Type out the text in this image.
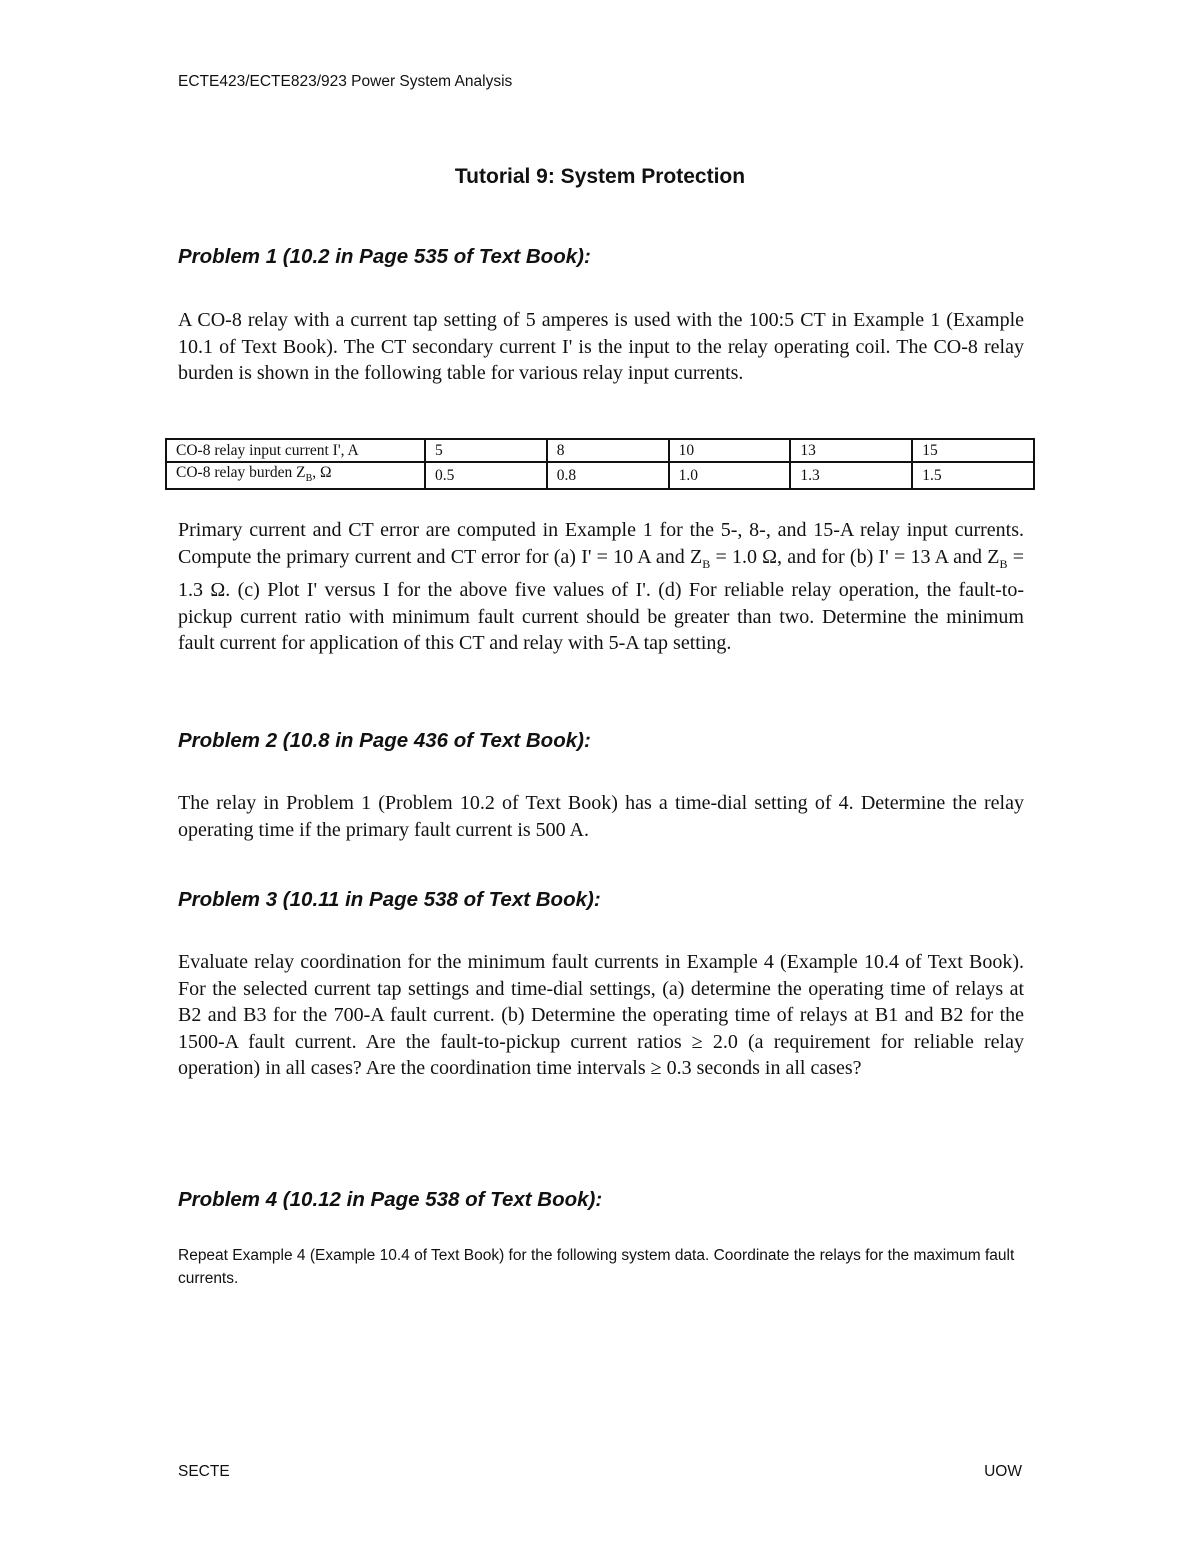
ECTE423/ECTE823/923 Power System Analysis
Tutorial 9: System Protection
Problem 1 (10.2 in Page 535 of Text Book):

A CO-8 relay with a current tap setting of 5 amperes is used with the 100:5 CT in Example 1 (Example 10.1 of Text Book). The CT secondary current I' is the input to the relay operating coil. The CO-8 relay burden is shown in the following table for various relay input currents.

CO-8 relay input current I', A	5	8	10	13	15
CO-8 relay burden $Z_B$, Ω	0.5	0.8	1.0	1.3	1.5

Primary current and CT error are computed in Example 1 for the 5-, 8-, and 15-A relay input currents. Compute the primary current and CT error for (a) I' = 10 A and $Z_B = 1.0$ Ω, and for (b) I' = 13 A and $Z_B = 1.3$ Ω. (c) Plot I' versus I for the above five values of I'. (d) For reliable relay operation, the fault-to-pickup current ratio with minimum fault current should be greater than two. Determine the minimum fault current for application of this CT and relay with 5-A tap setting.

Problem 2 (10.8 in Page 436 of Text Book):

The relay in Problem 1 (Problem 10.2 of Text Book) has a time-dial setting of 4. Determine the relay operating time if the primary fault current is 500 A.

Problem 3 (10.11 in Page 538 of Text Book):

Evaluate relay coordination for the minimum fault currents in Example 4 (Example 10.4 of Text Book). For the selected current tap settings and time-dial settings, (a) determine the operating time of relays at B2 and B3 for the 700-A fault current. (b) Determine the operating time of relays at B1 and B2 for the 1500-A fault current. Are the fault-to-pickup current ratios ≥ 2.0 (a requirement for reliable relay operation) in all cases? Are the coordination time intervals ≥ 0.3 seconds in all cases?

Problem 4 (10.12 in Page 538 of Text Book):

Repeat Example 4 (Example 10.4 of Text Book) for the following system data. Coordinate the relays for the maximum fault currents.

SECTE	UOW
